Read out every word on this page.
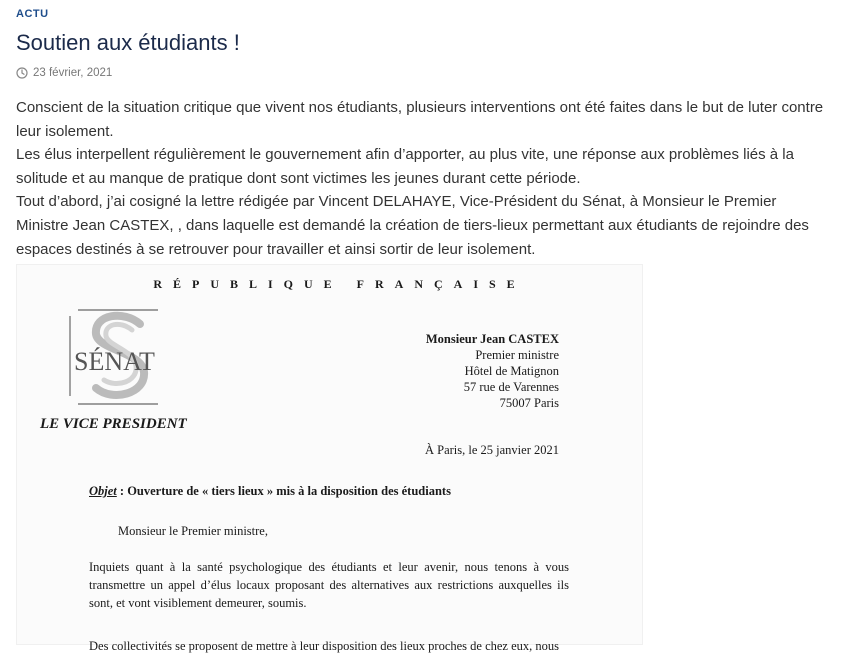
ACTU
Soutien aux étudiants !
23 février, 2021

Conscient de la situation critique que vivent nos étudiants, plusieurs interventions ont été faites dans le but de luter contre leur isolement.

Les élus interpellent régulièrement le gouvernement afin d’apporter, au plus vite, une réponse aux problèmes liés à la solitude et au manque de pratique dont sont victimes les jeunes durant cette période.

Tout d’abord, j’ai cosigné la lettre rédigée par Vincent DELAHAYE, Vice-Président du Sénat, à Monsieur le Premier Ministre Jean CASTEX, , dans laquelle est demandé la création de tiers-lieux permettant aux étudiants de rejoindre des espaces destinés à se retrouver pour travailler et ainsi sortir de leur isolement.

RÉPUBLIQUE FRANÇAISE
SÉNAT
LE VICE PRESIDENT
Monsieur Jean CASTEX
Premier ministre
Hôtel de Matignon
57 rue de Varennes
75007 Paris
À Paris, le 25 janvier 2021
Objet : Ouverture de « tiers lieux » mis à la disposition des étudiants
Monsieur le Premier ministre,
Inquiets quant à la santé psychologique des étudiants et leur avenir, nous tenons à vous transmettre un appel d’élus locaux proposant des alternatives aux restrictions auxquelles ils sont, et vont visiblement demeurer, soumis.
Des collectivités se proposent de mettre à leur disposition des lieux proches de chez eux, nous
